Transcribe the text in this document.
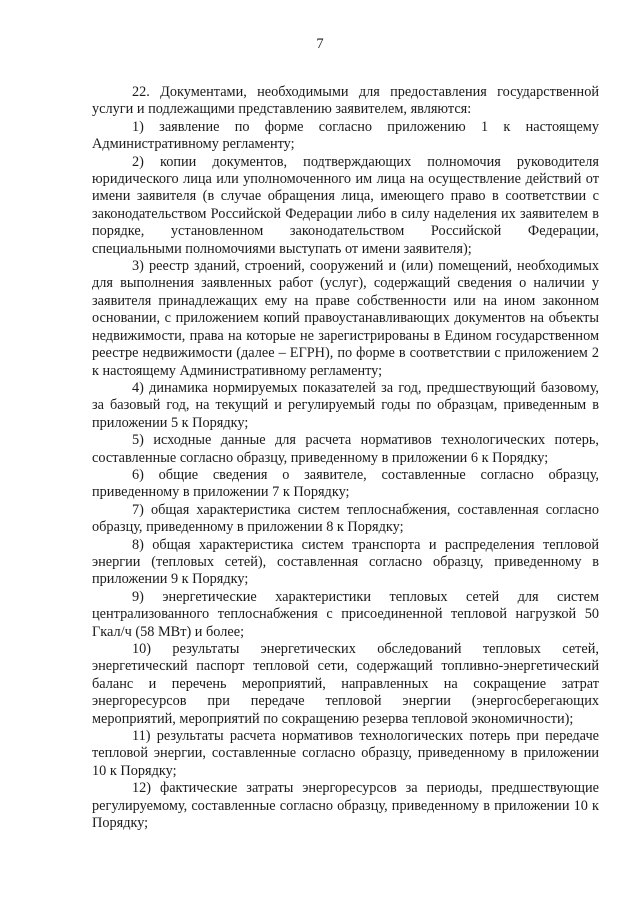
7

22. Документами, необходимыми для предоставления государственной услуги и подлежащими представлению заявителем, являются:

1) заявление по форме согласно приложению 1 к настоящему Административному регламенту;

2) копии документов, подтверждающих полномочия руководителя юридического лица или уполномоченного им лица на осуществление действий от имени заявителя (в случае обращения лица, имеющего право в соответствии с законодательством Российской Федерации либо в силу наделения их заявителем в порядке, установленном законодательством Российской Федерации, специальными полномочиями выступать от имени заявителя);

3) реестр зданий, строений, сооружений и (или) помещений, необходимых для выполнения заявленных работ (услуг), содержащий сведения о наличии у заявителя принадлежащих ему на праве собственности или на ином законном основании, с приложением копий правоустанавливающих документов на объекты недвижимости, права на которые не зарегистрированы в Едином государственном реестре недвижимости (далее – ЕГРН), по форме в соответствии с приложением 2 к настоящему Административному регламенту;

4) динамика нормируемых показателей за год, предшествующий базовому, за базовый год, на текущий и регулируемый годы по образцам, приведенным в приложении 5 к Порядку;

5) исходные данные для расчета нормативов технологических потерь, составленные согласно образцу, приведенному в приложении 6 к Порядку;

6) общие сведения о заявителе, составленные согласно образцу, приведенному в приложении 7 к Порядку;

7) общая характеристика систем теплоснабжения, составленная согласно образцу, приведенному в приложении 8 к Порядку;

8) общая характеристика систем транспорта и распределения тепловой энергии (тепловых сетей), составленная согласно образцу, приведенному в приложении 9 к Порядку;

9) энергетические характеристики тепловых сетей для систем централизованного теплоснабжения с присоединенной тепловой нагрузкой 50 Гкал/ч (58 МВт) и более;

10) результаты энергетических обследований тепловых сетей, энергетический паспорт тепловой сети, содержащий топливно-энергетический баланс и перечень мероприятий, направленных на сокращение затрат энергоресурсов при передаче тепловой энергии (энергосберегающих мероприятий, мероприятий по сокращению резерва тепловой экономичности);

11) результаты расчета нормативов технологических потерь при передаче тепловой энергии, составленные согласно образцу, приведенному в приложении 10 к Порядку;

12) фактические затраты энергоресурсов за периоды, предшествующие регулируемому, составленные согласно образцу, приведенному в приложении 10 к Порядку;
